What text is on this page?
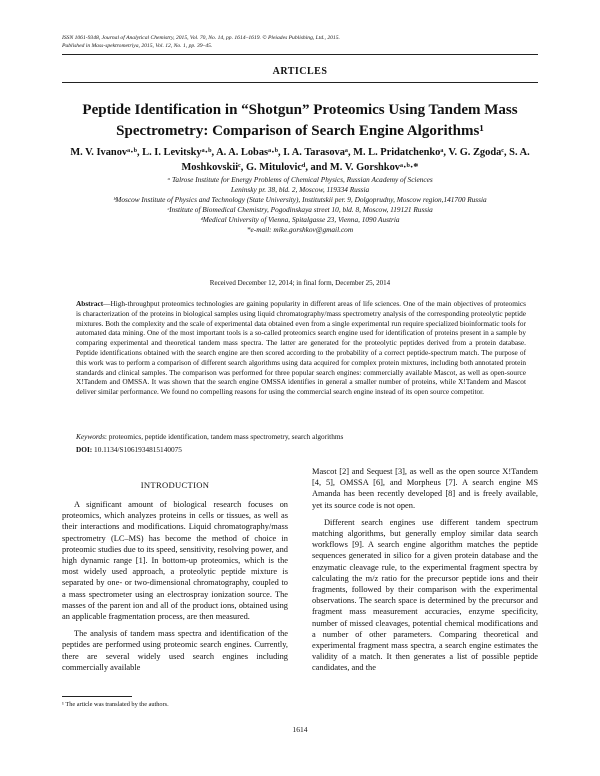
ISSN 1061-9348, Journal of Analytical Chemistry, 2015, Vol. 70, No. 14, pp. 1614–1619. © Pleiades Publishing, Ltd., 2015.
Published in Mass-spektrometriya, 2015, Vol. 12, No. 1, pp. 39–45.
ARTICLES
Peptide Identification in “Shotgun” Proteomics Using Tandem Mass Spectrometry: Comparison of Search Engine Algorithms¹
M. V. Ivanovᵃ·ᵇ, L. I. Levitskyᵃ·ᵇ, A. A. Lobasᵃ·ᵇ, I. A. Tarasovaᵃ, M. L. Pridatchenkoᵃ, V. G. Zgodaᶜ, S. A. Moshkovskiiᶜ, G. Mitulovicᵈ, and M. V. Gorshkovᵃ·ᵇ·*
ᵃ Talrose Institute for Energy Problems of Chemical Physics, Russian Academy of Sciences
Leninsky pr. 38, bld. 2, Moscow, 119334 Russia
ᵇMoscow Institute of Physics and Technology (State University), Institutskii per. 9, Dolgoprudny, Moscow region,141700 Russia
ᶜInstitute of Biomedical Chemistry, Pogodinskaya street 10, bld. 8, Moscow, 119121 Russia
ᵈMedical University of Vienna, Spitalgasse 23, Vienna, 1090 Austria
*e-mail: mike.gorshkov@gmail.com
Received December 12, 2014; in final form, December 25, 2014
Abstract—High-throughput proteomics technologies are gaining popularity in different areas of life sciences. One of the main objectives of proteomics is characterization of the proteins in biological samples using liquid chromatography/mass spectrometry analysis of the corresponding proteolytic peptide mixtures. Both the complexity and the scale of experimental data obtained even from a single experimental run require specialized bioinformatic tools for automated data mining. One of the most important tools is a so-called proteomics search engine used for identification of proteins present in a sample by comparing experimental and theoretical tandem mass spectra. The latter are generated for the proteolytic peptides derived from a protein database. Peptide identifications obtained with the search engine are then scored according to the probability of a correct peptide-spectrum match. The purpose of this work was to perform a comparison of different search algorithms using data acquired for complex protein mixtures, including both annotated protein standards and clinical samples. The comparison was performed for three popular search engines: commercially available Mascot, as well as open-source X!Tandem and OMSSA. It was shown that the search engine OMSSA identifies in general a smaller number of proteins, while X!Tandem and Mascot deliver similar performance. We found no compelling reasons for using the commercial search engine instead of its open source competitor.
Keywords: proteomics, peptide identification, tandem mass spectrometry, search algorithms
DOI: 10.1134/S1061934815140075
INTRODUCTION

A significant amount of biological research focuses on proteomics, which analyzes proteins in cells or tissues, as well as their interactions and modifications. Liquid chromatography/mass spectrometry (LC–MS) has become the method of choice in proteomic studies due to its speed, sensitivity, resolving power, and high dynamic range [1]. In bottom-up proteomics, which is the most widely used approach, a proteolytic peptide mixture is separated by one- or two-dimensional chromatography, coupled to a mass spectrometer using an electrospray ionization source. The masses of the parent ion and all of the product ions, obtained using an applicable fragmentation process, are then measured.

The analysis of tandem mass spectra and identification of the peptides are performed using proteomic search engines. Currently, there are several widely used search engines including commercially available

Mascot [2] and Sequest [3], as well as the open source X!Tandem [4, 5], OMSSA [6], and Morpheus [7]. A search engine MS Amanda has been recently developed [8] and is freely available, yet its source code is not open.

Different search engines use different tandem spectrum matching algorithms, but generally employ similar data search workflows [9]. A search engine algorithm matches the peptide sequences generated in silico for a given protein database and the enzymatic cleavage rule, to the experimental fragment spectra by calculating the m/z ratio for the precursor peptide ions and their fragments, followed by their comparison with the experimental observations. The search space is determined by the precursor and fragment mass measurement accuracies, enzyme specificity, number of missed cleavages, potential chemical modifications and a number of other parameters. Comparing theoretical and experimental fragment mass spectra, a search engine estimates the validity of a match. It then generates a list of possible peptide candidates, and the

¹ The article was translated by the authors.
1614
